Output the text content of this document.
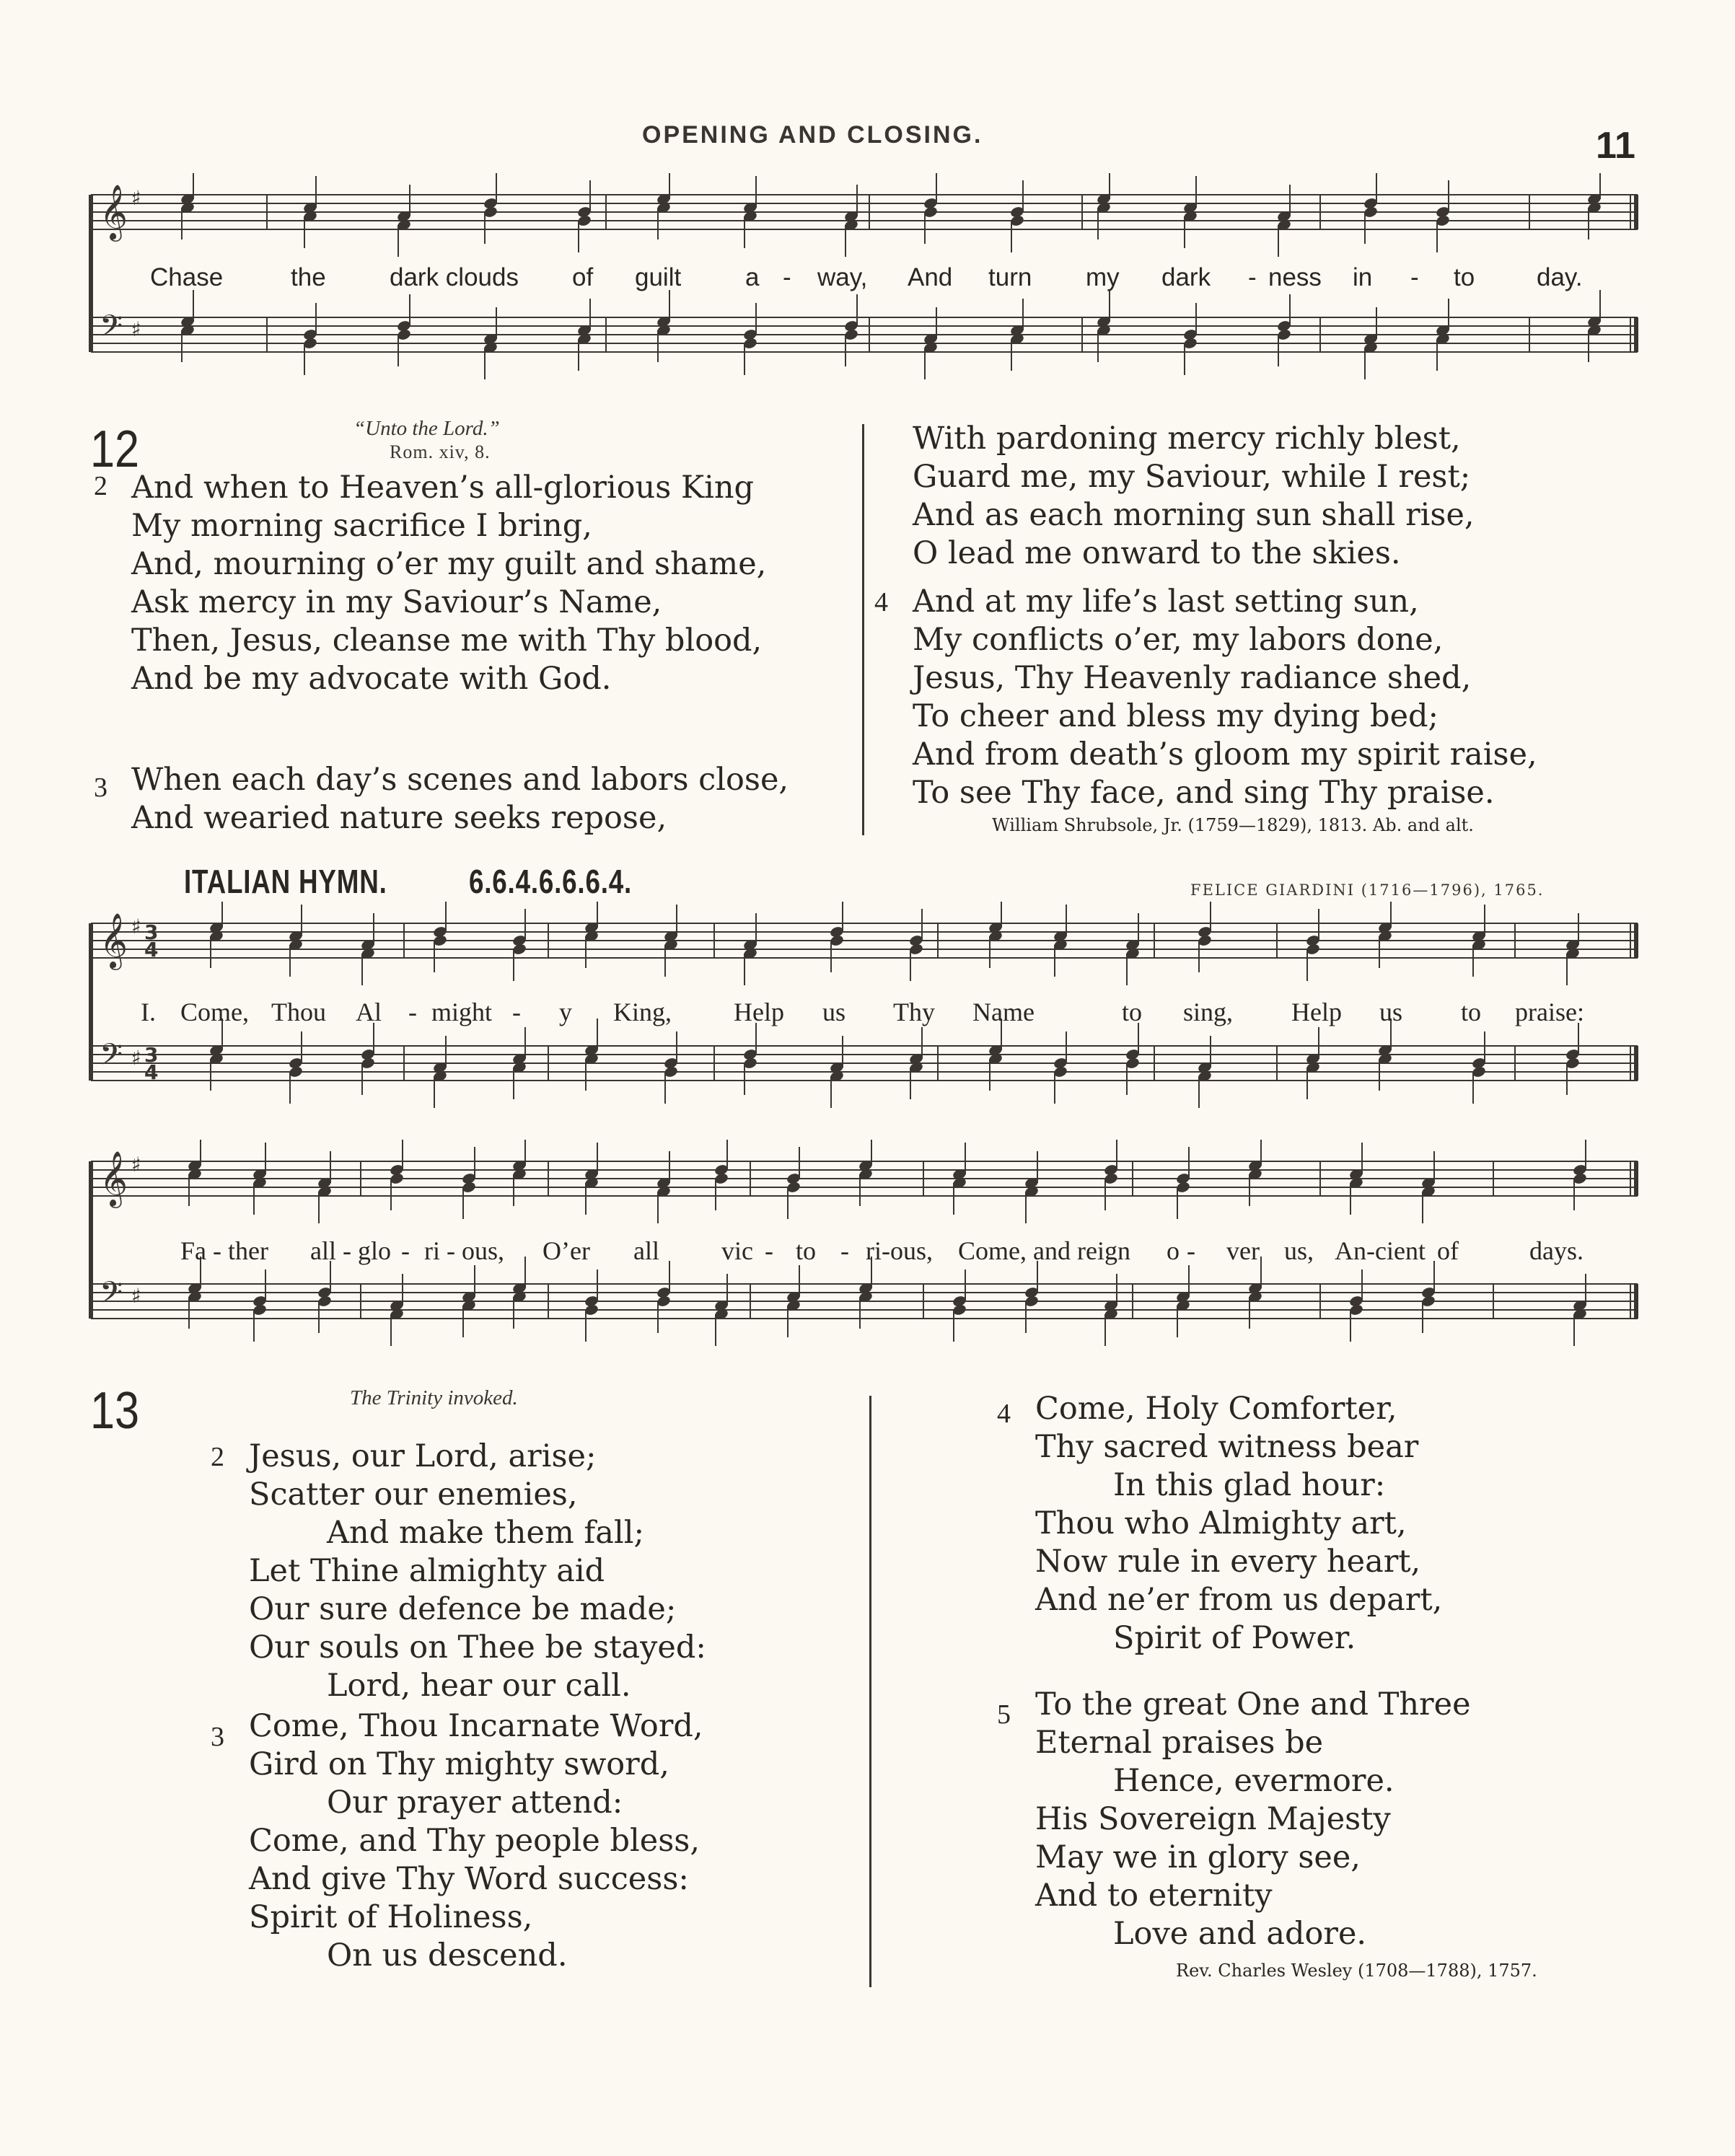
OPENING AND CLOSING.	11
𝄞
𝄢
♯
♯
Chase	the	dark clouds of guilt	a - way, And turn my dark - ness in - to day.
12	“Unto the Lord.”
Rom. xiv, 8.
2 And when to Heaven’s all-glorious King
My morning sacrifice I bring,
And, mourning o’er my guilt and shame,
Ask mercy in my Saviour’s Name,
Then, Jesus, cleanse me with Thy blood,
And be my advocate with God.
3 When each day’s scenes and labors close,
And wearied nature seeks repose,
With pardoning mercy richly blest,
Guard me, my Saviour, while I rest;
And as each morning sun shall rise,
O lead me onward to the skies.
4 And at my life’s last setting sun,
My conflicts o’er, my labors done,
Jesus, Thy Heavenly radiance shed,
To cheer and bless my dying bed;
And from death’s gloom my spirit raise,
To see Thy face, and sing Thy praise.
William Shrubsole, Jr. (1759—1829), 1813. Ab. and alt.
ITALIAN HYMN. 6.6.4.6.6.6.4.	FELICE GIARDINI (1716—1796), 1765.
𝄞
𝄢
♯
♯
3
4
3
4
I. Come, Thou Al - might - y King, Help us Thy Name	to sing, Help us to praise:
𝄞
𝄢
♯
♯
Fa - ther all - glo - ri - ous, O’er all vic - to - ri-ous, Come, and reign o - ver us, An-cient of	days.
13	The Trinity invoked.
2 Jesus, our Lord, arise;
Scatter our enemies,
And make them fall;
Let Thine almighty aid
Our sure defence be made;
Our souls on Thee be stayed:
Lord, hear our call.
3 Come, Thou Incarnate Word,
Gird on Thy mighty sword,
Our prayer attend:
Come, and Thy people bless,
And give Thy Word success:
Spirit of Holiness,
On us descend.
4 Come, Holy Comforter,
Thy sacred witness bear
In this glad hour:
Thou who Almighty art,
Now rule in every heart,
And ne’er from us depart,
Spirit of Power.
5 To the great One and Three
Eternal praises be
Hence, evermore.
His Sovereign Majesty
May we in glory see,
And to eternity
Love and adore.
Rev. Charles Wesley (1708—1788), 1757.
